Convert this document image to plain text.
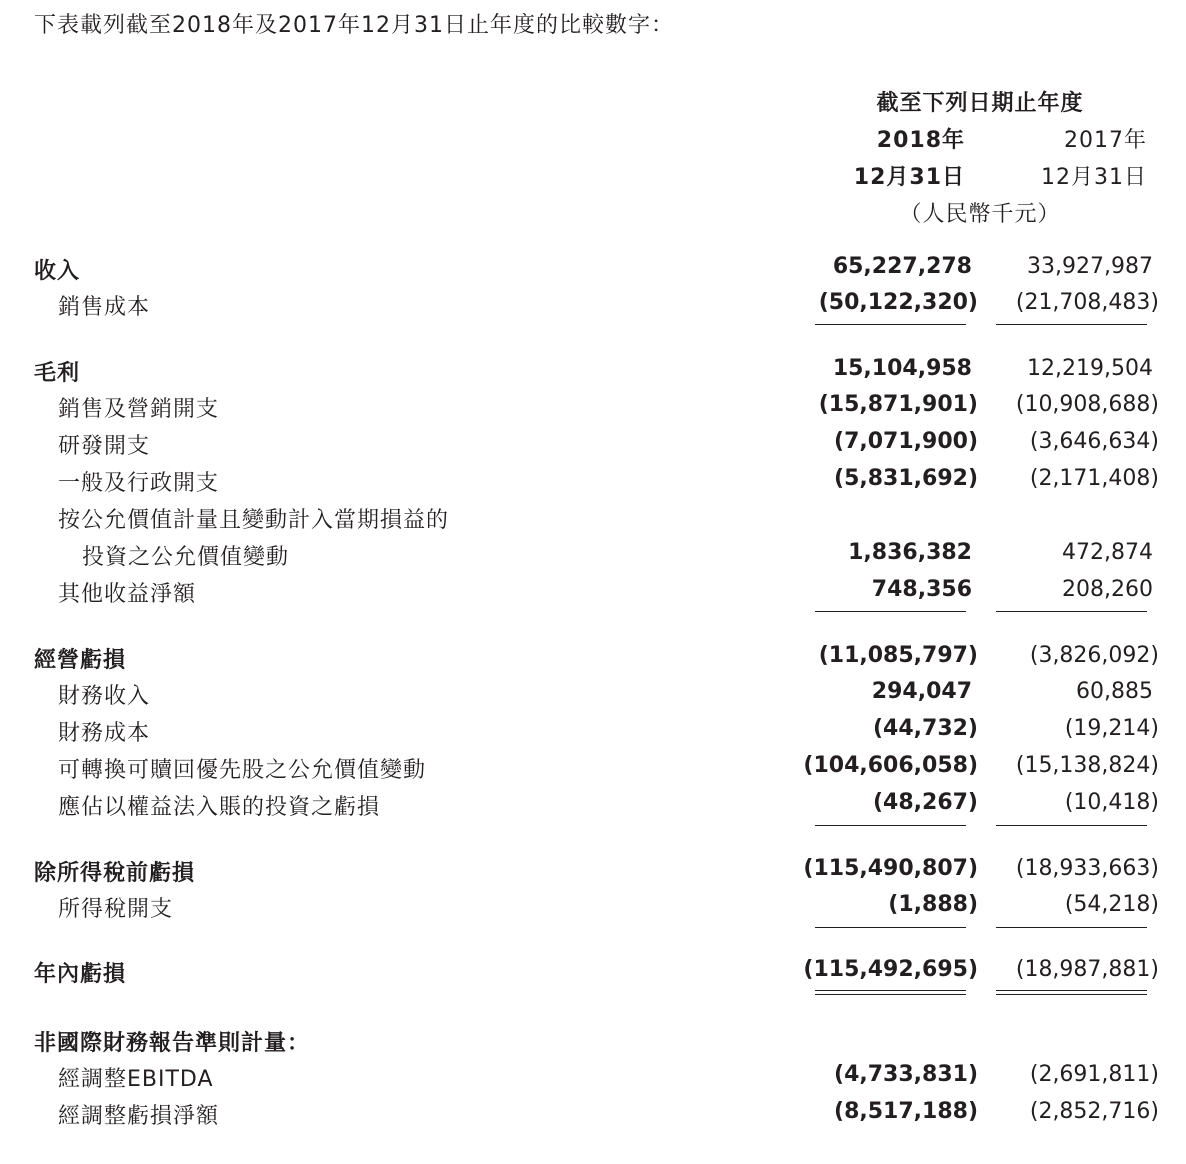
下表載列截至2018年及2017年12月31日止年度的比較數字：
截至下列日期止年度
2018年
12月31日
2017年
12月31日
（人民幣千元）
收入	65,227,278	33,927,987
銷售成本	(50,122,320) (21,708,483)
毛利	15,104,958	12,219,504
銷售及營銷開支	(15,871,901) (10,908,688)
研發開支	(7,071,900) (3,646,634)
一般及行政開支	(5,831,692) (2,171,408)
按公允價值計量且變動計入當期損益的
投資之公允價值變動	1,836,382	472,874
其他收益淨額	748,356	208,260
經營虧損	(11,085,797) (3,826,092)
財務收入	294,047	60,885
財務成本	(44,732)	(19,214)
可轉換可贖回優先股之公允價值變動	(104,606,058) (15,138,824)
應佔以權益法入賬的投資之虧損	(48,267)	(10,418)
除所得稅前虧損	(115,490,807) (18,933,663)
所得稅開支	(1,888)	(54,218)
年內虧損	(115,492,695) (18,987,881)
非國際財務報告準則計量：
經調整EBITDA	(4,733,831) (2,691,811)
經調整虧損淨額	(8,517,188) (2,852,716)
